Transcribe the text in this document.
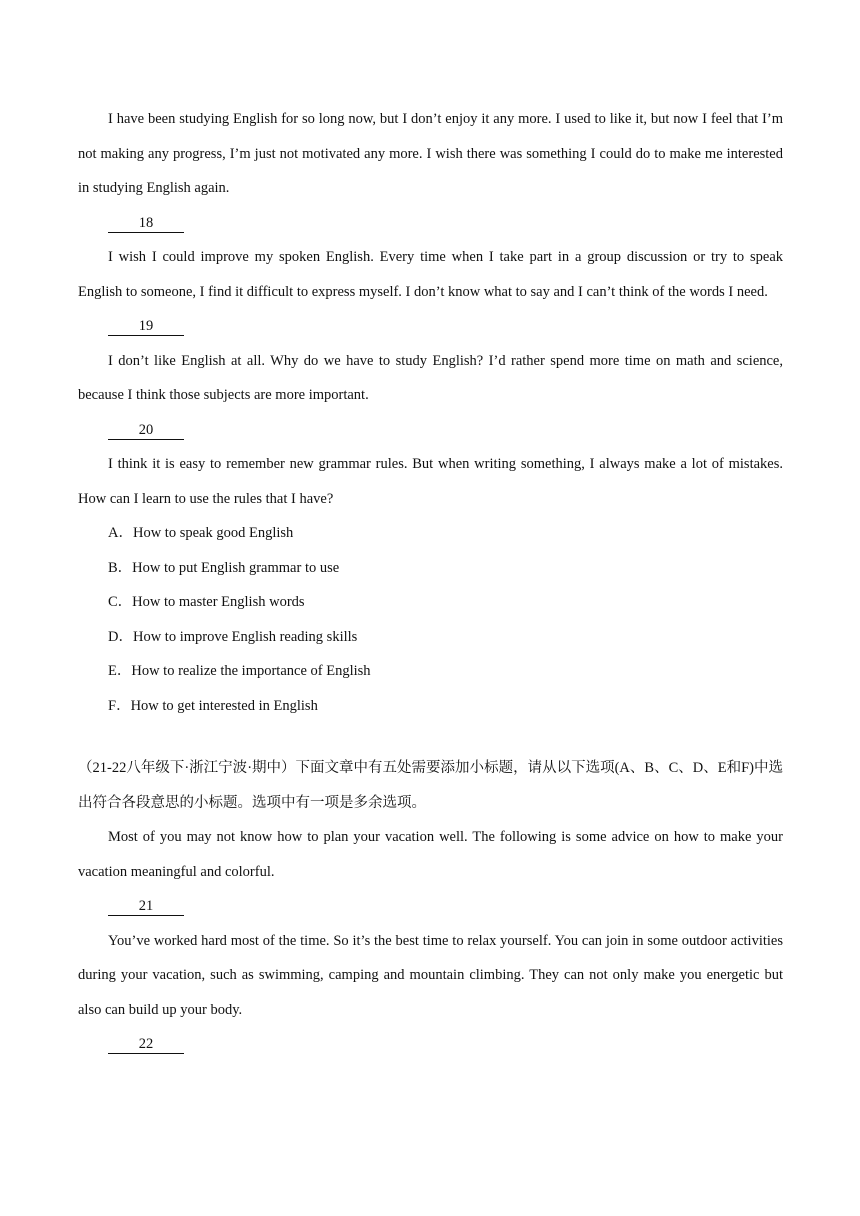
I have been studying English for so long now, but I don’t enjoy it any more. I used to like it, but now I feel that I’m not making any progress, I’m just not motivated any more. I wish there was something I could do to make me interested in studying English again.

18

I wish I could improve my spoken English. Every time when I take part in a group discussion or try to speak English to someone, I find it difficult to express myself. I don’t know what to say and I can’t think of the words I need.

19

I don’t like English at all. Why do we have to study English? I’d rather spend more time on math and science, because I think those subjects are more important.

20

I think it is easy to remember new grammar rules. But when writing something, I always make a lot of mistakes. How can I learn to use the rules that I have?

A．How to speak good English

B．How to put English grammar to use

C．How to master English words

D．How to improve English reading skills

E．How to realize the importance of English

F．How to get interested in English

（21-22八年级下·浙江宁波·期中）下面文章中有五处需要添加小标题，请从以下选项(A、B、C、D、E和F)中选出符合各段意思的小标题。选项中有一项是多余选项。

Most of you may not know how to plan your vacation well. The following is some advice on how to make your vacation meaningful and colorful.

21

You’ve worked hard most of the time. So it’s the best time to relax yourself. You can join in some outdoor activities during your vacation, such as swimming, camping and mountain climbing. They can not only make you energetic but also can build up your body.

22
